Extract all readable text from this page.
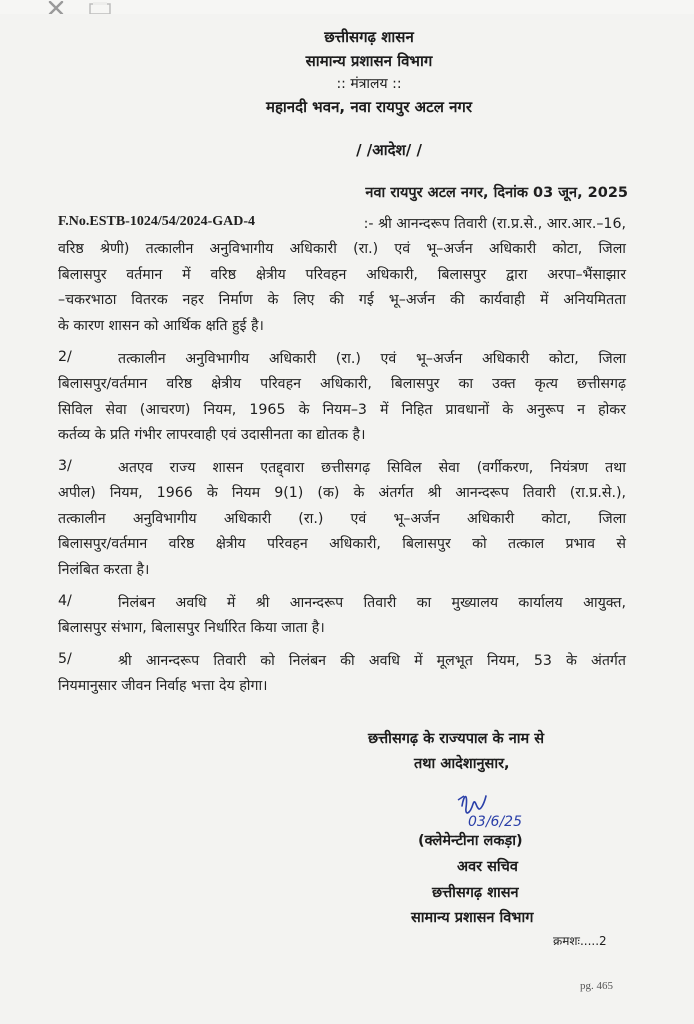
छत्तीसगढ़ शासन
सामान्य प्रशासन विभाग
:: मंत्रालय ::
महानदी भवन, नवा रायपुर अटल नगर
/ /आदेश/ /
नवा रायपुर अटल नगर, दिनांक 03 जून, 2025
F.No.ESTB-1024/54/2024-GAD-4	:- श्री आनन्दरूप तिवारी (रा.प्र.से., आर.आर.–16,
वरिष्ठ श्रेणी) तत्कालीन अनुविभागीय अधिकारी (रा.) एवं भू–अर्जन अधिकारी कोटा, जिला
बिलासपुर वर्तमान में वरिष्ठ क्षेत्रीय परिवहन अधिकारी, बिलासपुर द्वारा अरपा–भैंसाझार
–चकरभाठा वितरक नहर निर्माण के लिए की गई भू–अर्जन की कार्यवाही में अनियमितता
के कारण शासन को आर्थिक क्षति हुई है।
2/	तत्कालीन अनुविभागीय अधिकारी (रा.) एवं भू–अर्जन अधिकारी कोटा, जिला
बिलासपुर/वर्तमान वरिष्ठ क्षेत्रीय परिवहन अधिकारी, बिलासपुर का उक्त कृत्य छत्तीसगढ़
सिविल सेवा (आचरण) नियम, 1965 के नियम–3 में निहित प्रावधानों के अनुरूप न होकर
कर्तव्य के प्रति गंभीर लापरवाही एवं उदासीनता का द्योतक है।
3/	अतएव राज्य शासन एतद्द्वारा छत्तीसगढ़ सिविल सेवा (वर्गीकरण, नियंत्रण तथा
अपील) नियम, 1966 के नियम 9(1) (क) के अंतर्गत श्री आनन्दरूप तिवारी (रा.प्र.से.),
तत्कालीन अनुविभागीय अधिकारी (रा.) एवं भू–अर्जन अधिकारी कोटा, जिला
बिलासपुर/वर्तमान वरिष्ठ क्षेत्रीय परिवहन अधिकारी, बिलासपुर को तत्काल प्रभाव से
निलंबित करता है।
4/	निलंबन अवधि में श्री आनन्दरूप तिवारी का मुख्यालय कार्यालय आयुक्त,
बिलासपुर संभाग, बिलासपुर निर्धारित किया जाता है।
5/	श्री आनन्दरूप तिवारी को निलंबन की अवधि में मूलभूत नियम, 53 के अंतर्गत
नियमानुसार जीवन निर्वाह भत्ता देय होगा।
छत्तीसगढ़ के राज्यपाल के नाम से
तथा आदेशानुसार,
03/6/25
(क्लेमेन्टीना लकड़ा)
अवर सचिव
छत्तीसगढ़ शासन
सामान्य प्रशासन विभाग
क्रमशः.....2
pg. 465
